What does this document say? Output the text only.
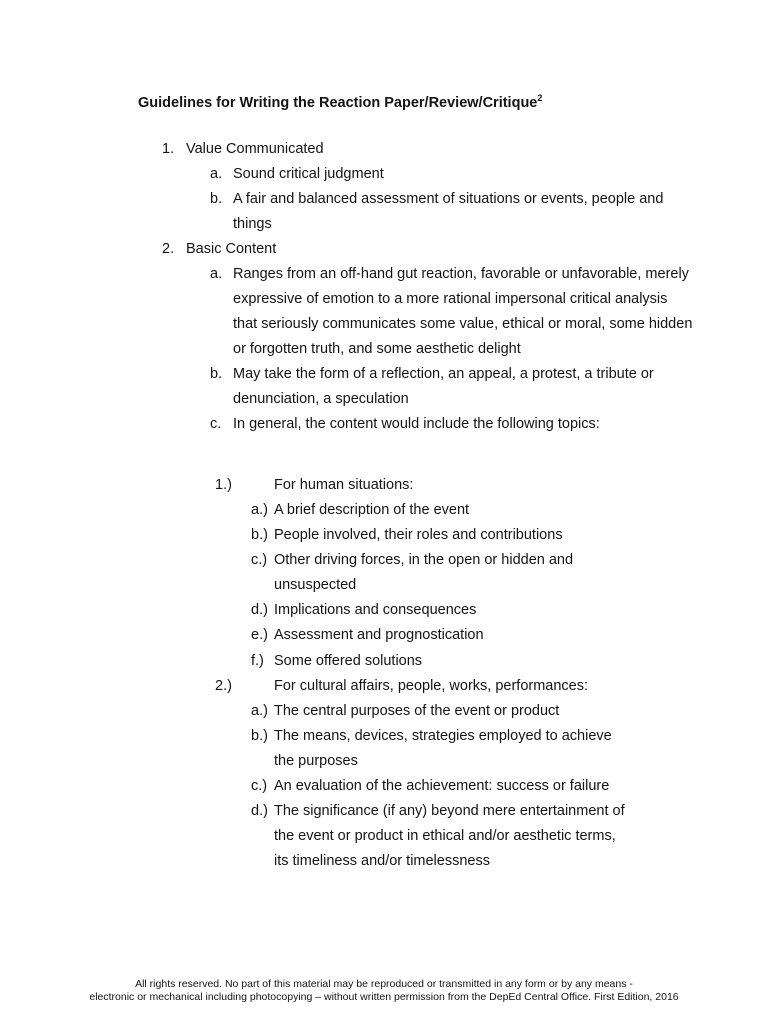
Guidelines for Writing the Reaction Paper/Review/Critique$^2$
1. Value Communicated
a. Sound critical judgment
b. A fair and balanced assessment of situations or events, people and
things
2. Basic Content
a. Ranges from an off-hand gut reaction, favorable or unfavorable, merely
expressive of emotion to a more rational impersonal critical analysis
that seriously communicates some value, ethical or moral, some hidden
or forgotten truth, and some aesthetic delight
b. May take the form of a reflection, an appeal, a protest, a tribute or
denunciation, a speculation
c. In general, the content would include the following topics:
1.)	For human situations:
a.) A brief description of the event
b.) People involved, their roles and contributions
c.) Other driving forces, in the open or hidden and
unsuspected
d.) Implications and consequences
e.) Assessment and prognostication
f.) Some offered solutions
2.)	For cultural affairs, people, works, performances:
a.) The central purposes of the event or product
b.) The means, devices, strategies employed to achieve
the purposes
c.) An evaluation of the achievement: success or failure
d.) The significance (if any) beyond mere entertainment of
the event or product in ethical and/or aesthetic terms,
its timeliness and/or timelessness
All rights reserved. No part of this material may be reproduced or transmitted in any form or by any means -
electronic or mechanical including photocopying – without written permission from the DepEd Central Office. First Edition, 2016
